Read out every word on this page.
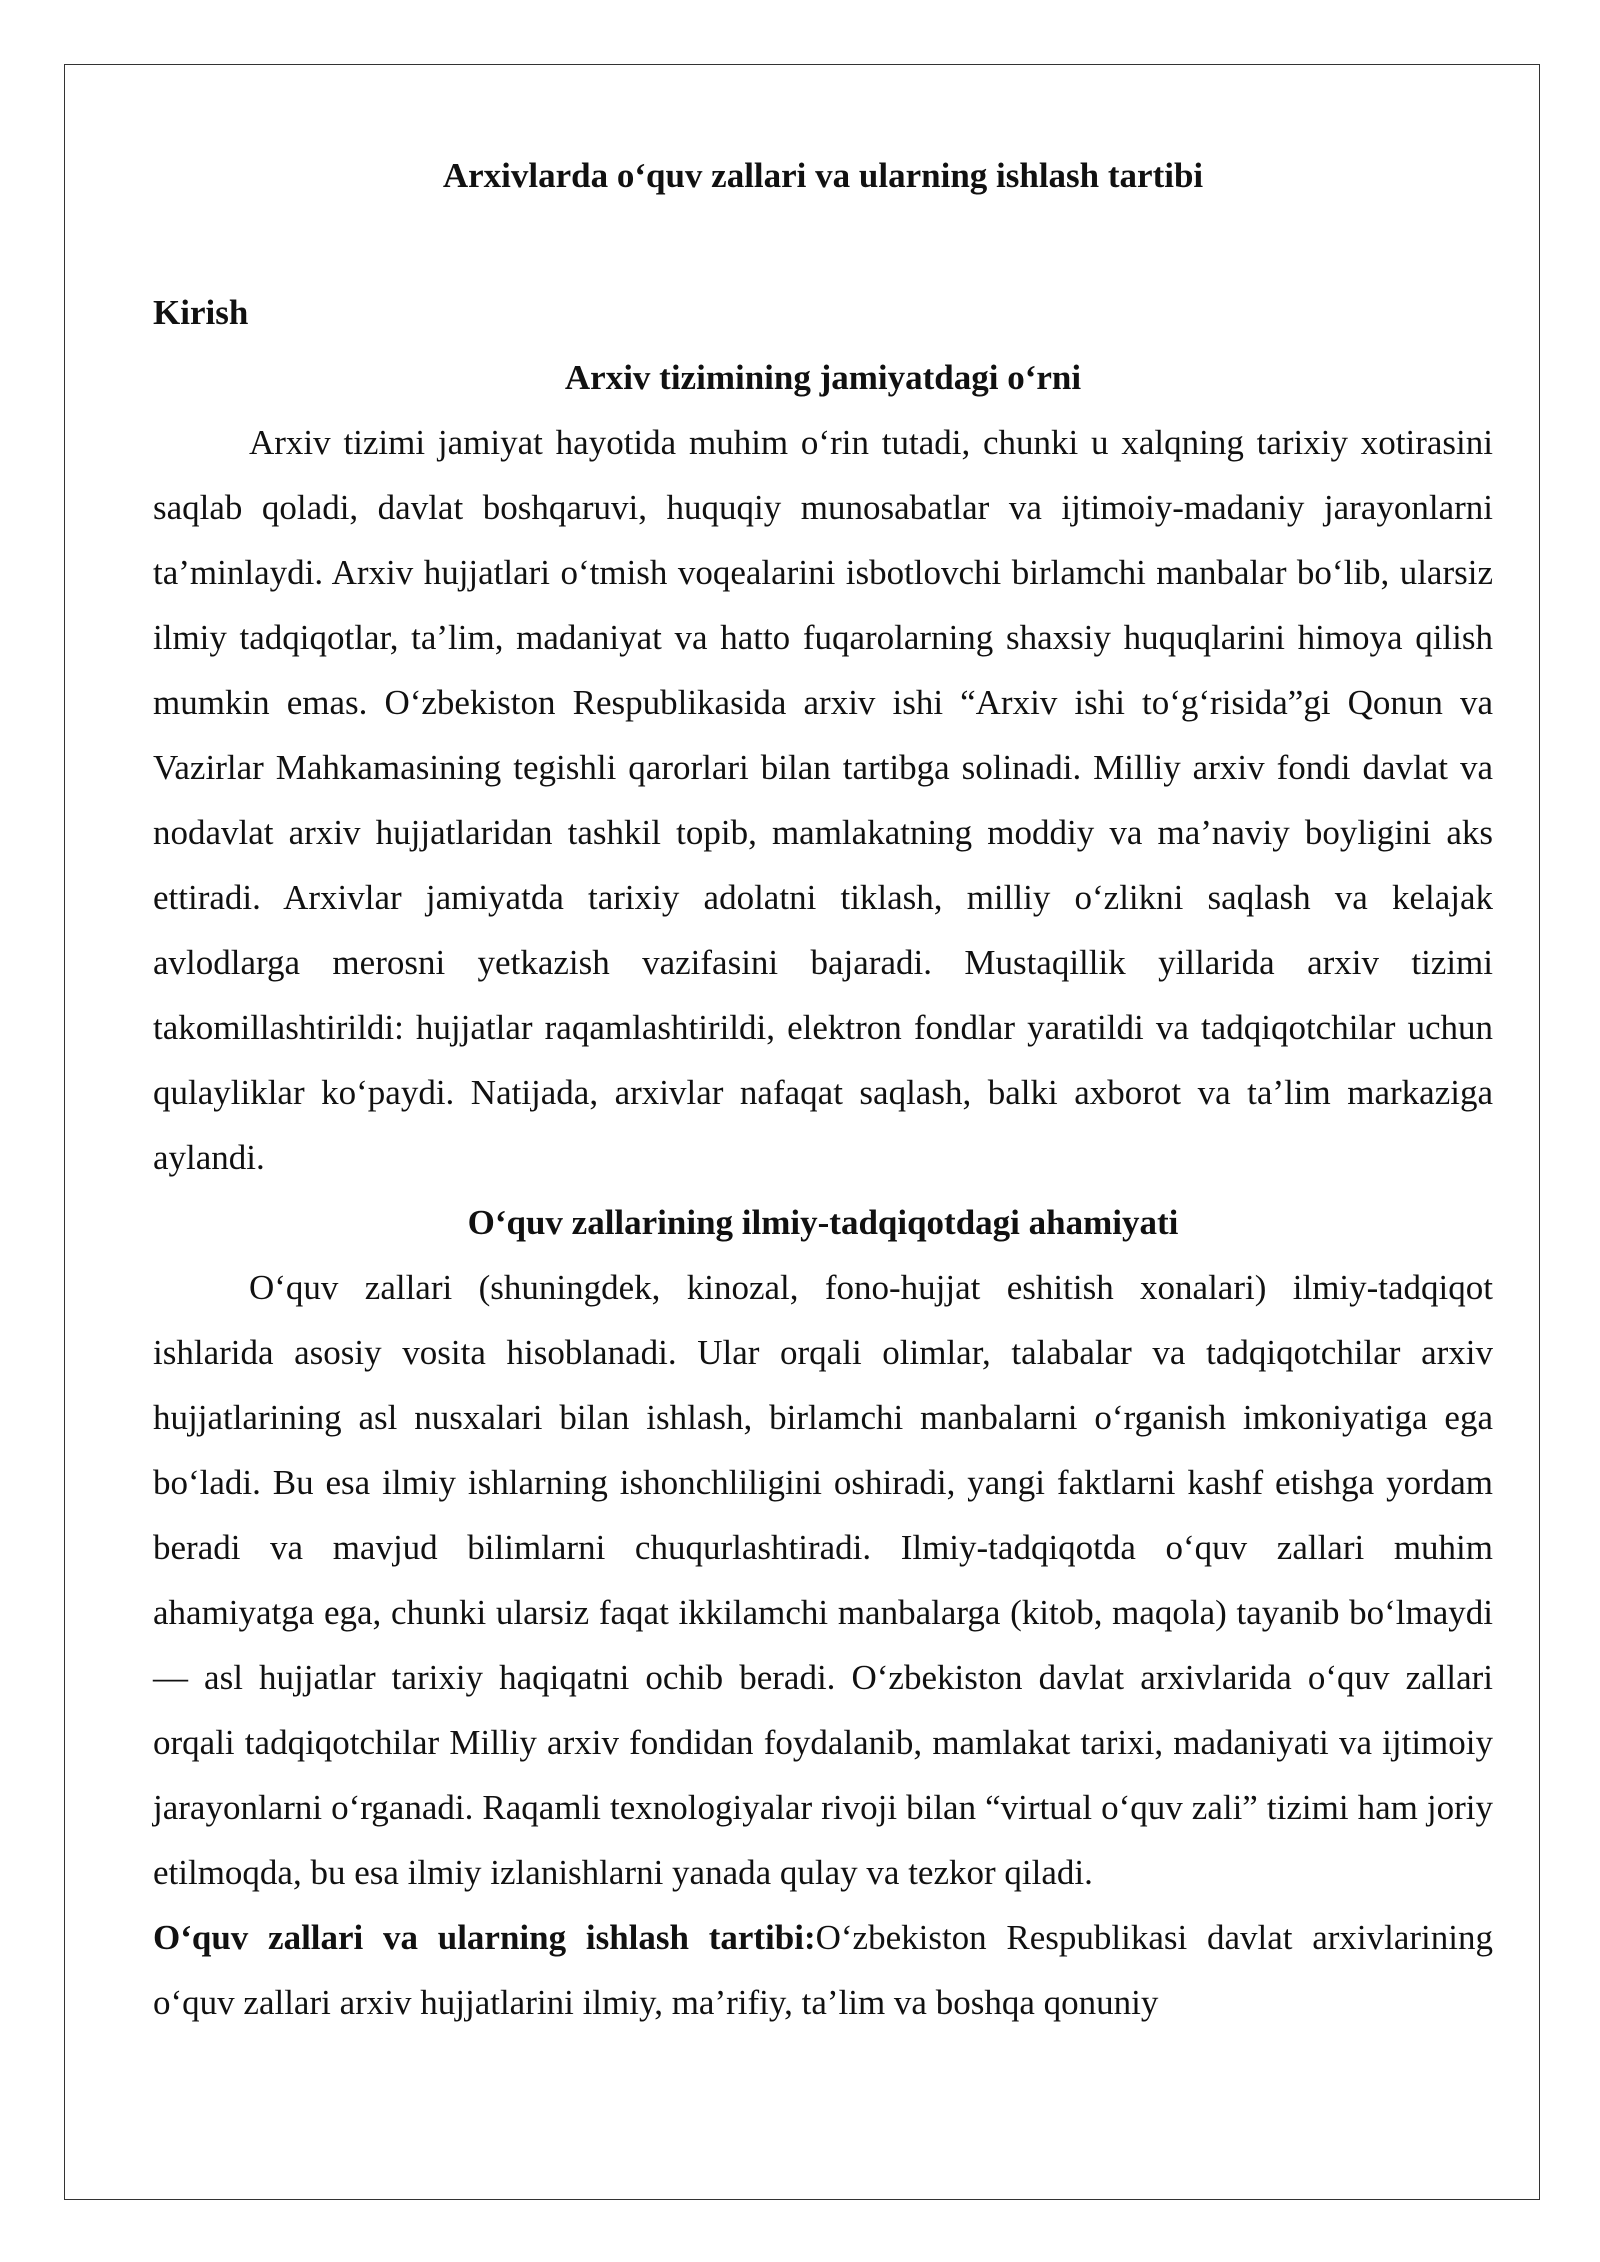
Arxivlarda o‘quv zallari va ularning ishlash tartibi

Kirish

Arxiv tizimining jamiyatdagi o‘rni

Arxiv tizimi jamiyat hayotida muhim o‘rin tutadi, chunki u xalqning tarixiy xotirasini saqlab qoladi, davlat boshqaruvi, huquqiy munosabatlar va ijtimoiy-madaniy jarayonlarni ta’minlaydi. Arxiv hujjatlari o‘tmish voqealarini isbotlovchi birlamchi manbalar bo‘lib, ularsiz ilmiy tadqiqotlar, ta’lim, madaniyat va hatto fuqarolarning shaxsiy huquqlarini himoya qilish mumkin emas. O‘zbekiston Respublikasida arxiv ishi “Arxiv ishi to‘g‘risida”gi Qonun va Vazirlar Mahkamasining tegishli qarorlari bilan tartibga solinadi. Milliy arxiv fondi davlat va nodavlat arxiv hujjatlaridan tashkil topib, mamlakatning moddiy va ma’naviy boyligini aks ettiradi. Arxivlar jamiyatda tarixiy adolatni tiklash, milliy o‘zlikni saqlash va kelajak avlodlarga merosni yetkazish vazifasini bajaradi. Mustaqillik yillarida arxiv tizimi takomillashtirildi: hujjatlar raqamlashtirildi, elektron fondlar yaratildi va tadqiqotchilar uchun qulayliklar ko‘paydi. Natijada, arxivlar nafaqat saqlash, balki axborot va ta’lim markaziga aylandi.

O‘quv zallarining ilmiy-tadqiqotdagi ahamiyati

O‘quv zallari (shuningdek, kinozal, fono-hujjat eshitish xonalari) ilmiy-tadqiqot ishlarida asosiy vosita hisoblanadi. Ular orqali olimlar, talabalar va tadqiqotchilar arxiv hujjatlarining asl nusxalari bilan ishlash, birlamchi manbalarni o‘rganish imkoniyatiga ega bo‘ladi. Bu esa ilmiy ishlarning ishonchliligini oshiradi, yangi faktlarni kashf etishga yordam beradi va mavjud bilimlarni chuqurlashtiradi. Ilmiy-tadqiqotda o‘quv zallari muhim ahamiyatga ega, chunki ularsiz faqat ikkilamchi manbalarga (kitob, maqola) tayanib bo‘lmaydi — asl hujjatlar tarixiy haqiqatni ochib beradi. O‘zbekiston davlat arxivlarida o‘quv zallari orqali tadqiqotchilar Milliy arxiv fondidan foydalanib, mamlakat tarixi, madaniyati va ijtimoiy jarayonlarni o‘rganadi. Raqamli texnologiyalar rivoji bilan “virtual o‘quv zali” tizimi ham joriy etilmoqda, bu esa ilmiy izlanishlarni yanada qulay va tezkor qiladi.

O‘quv zallari va ularning ishlash tartibi:O‘zbekiston Respublikasi davlat arxivlarining o‘quv zallari arxiv hujjatlarini ilmiy, ma’rifiy, ta’lim va boshqa qonuniy
